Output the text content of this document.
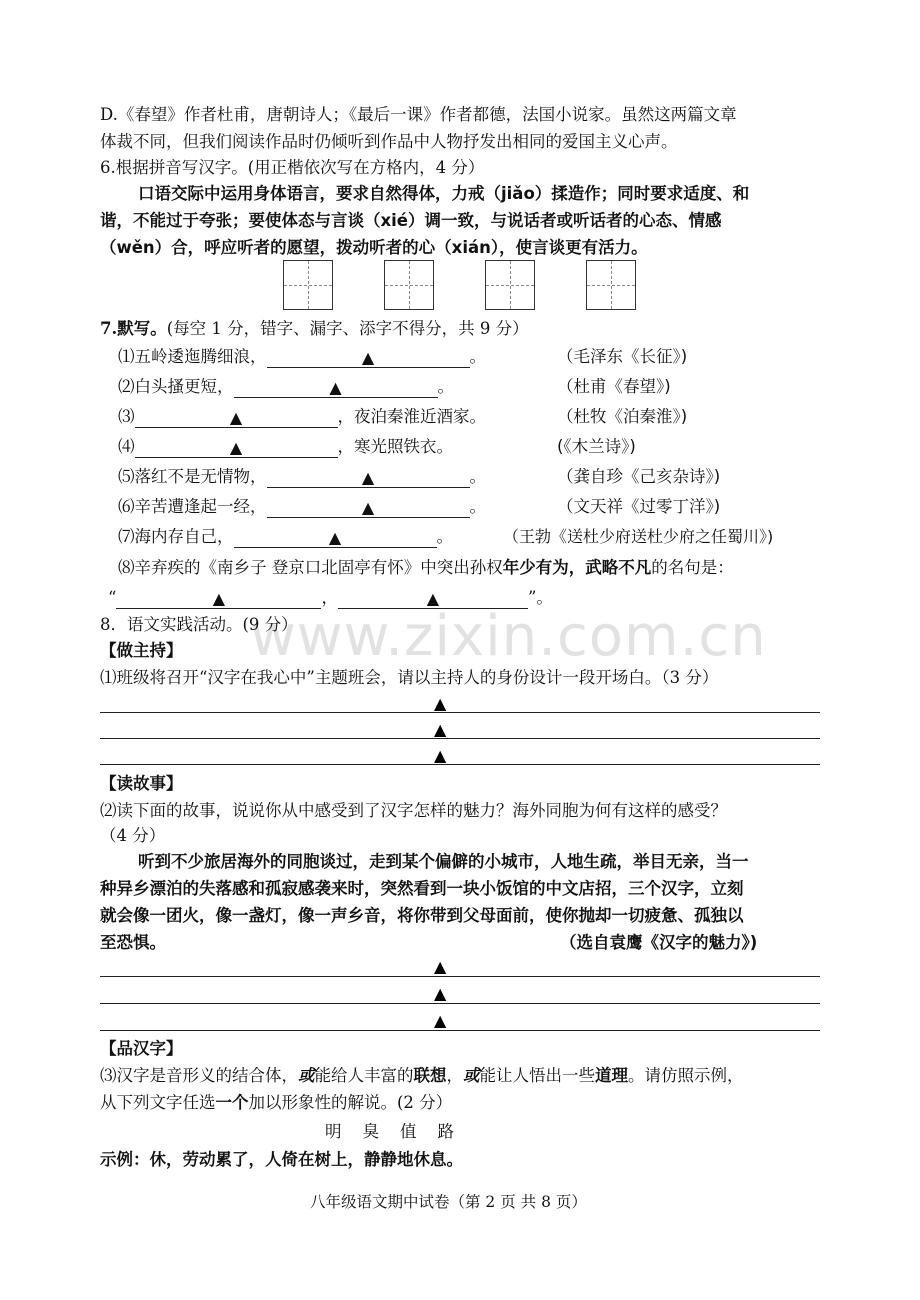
www.zixin.com.cn
D.《春望》作者杜甫，唐朝诗人；《最后一课》作者都德，法国小说家。虽然这两篇文章
体裁不同，但我们阅读作品时仍倾听到作品中人物抒发出相同的爱国主义心声。
6.根据拼音写汉字。(用正楷依次写在方格内，4 分）
口语交际中运用身体语言，要求自然得体，力戒（jiǎo）揉造作；同时要求适度、和
谐，不能过于夸张；要使体态与言谈（xié）调一致，与说话者或听话者的心态、情感
（wěn）合，呼应听者的愿望，拨动听者的心（xián），使言谈更有活力。
7.默写。(每空 1 分，错字、漏字、添字不得分，共 9 分）
⑴五岭逶迤腾细浪，	▲	。	（毛泽东《长征》)
⑵白头搔更短，	▲	。	（杜甫《春望》)
⑶	▲	，夜泊秦淮近酒家。	（杜牧《泊秦淮》)
⑷	▲	，寒光照铁衣。	(《木兰诗》)
⑸落红不是无情物，	▲	。	（龚自珍《己亥杂诗》)
⑹辛苦遭逢起一经，	▲	。	（文天祥《过零丁洋》)
⑺海内存自己，	▲	。	（王勃《送杜少府送杜少府之任蜀川》)
⑻辛弃疾的《南乡子 登京口北固亭有怀》中突出孙权年少有为，武略不凡的名句是：
“	▲	，	▲	”。
8．语文实践活动。(9 分）
【做主持】
⑴班级将召开“汉字在我心中”主题班会，请以主持人的身份设计一段开场白。（3 分）
▲
▲
▲
【读故事】
⑵读下面的故事，说说你从中感受到了汉字怎样的魅力？海外同胞为何有这样的感受？
（4 分）
听到不少旅居海外的同胞谈过，走到某个偏僻的小城市，人地生疏，举目无亲，当一
种异乡漂泊的失落感和孤寂感袭来时，突然看到一块小饭馆的中文店招，三个汉字，立刻
就会像一团火，像一盏灯，像一声乡音，将你带到父母面前，使你抛却一切疲惫、孤独以
至恐惧。	（选自袁鹰《汉字的魅力》)
▲
▲
▲
【品汉字】
⑶汉字是音形义的结合体，或能给人丰富的联想，或能让人悟出一些道理。请仿照示例，
从下列文字任选一个加以形象性的解说。(2 分）
明    臭    值    路
示例：休，劳动累了，人倚在树上，静静地休息。
八年级语文期中试卷（第 2 页 共 8 页）
